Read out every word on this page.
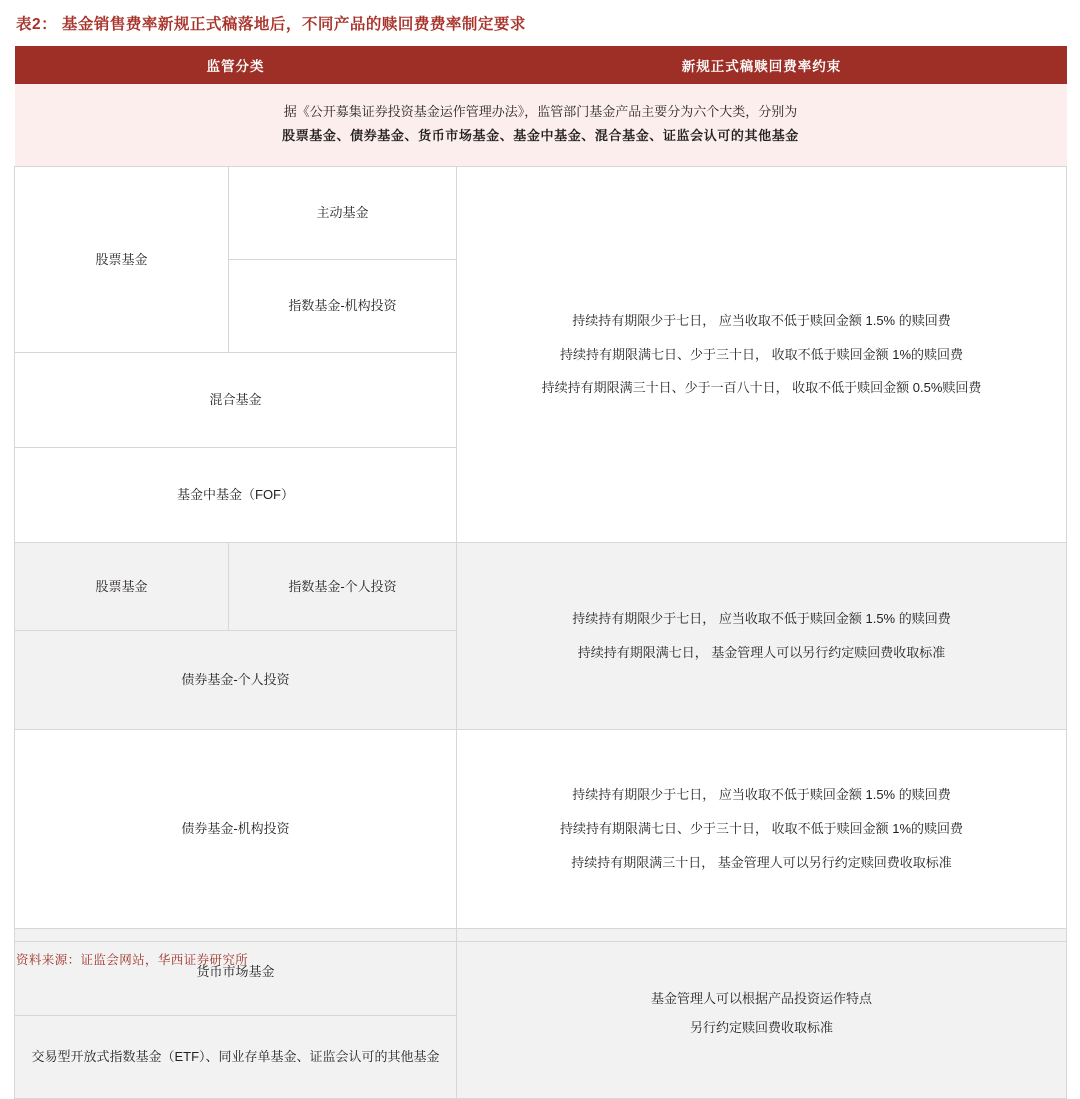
表2： 基金销售费率新规正式稿落地后，不同产品的赎回费费率制定要求
监管分类		新规正式稿赎回费率约束

据《公开募集证券投资基金运作管理办法》，监管部门基金产品主要分为六个大类，分别为
股票基金、债券基金、货币市场基金、基金中基金、混合基金、证监会认可的其他基金		

股票基金	主动基金	持续持有期限少于七日， 应当收取不低于赎回金额 1.5% 的赎回费
持续持有期限满七日、少于三十日， 收取不低于赎回金额 1%的赎回费
持续持有期限满三十日、少于一百八十日， 收取不低于赎回金额 0.5%赎回费

	指数基金-机构投资	
混合基金		
基金中基金（FOF）		
股票基金	指数基金-个人投资	持续持有期限少于七日， 应当收取不低于赎回金额 1.5% 的赎回费
持续持有期限满七日， 基金管理人可以另行约定赎回费收取标准

债券基金-个人投资		
债券基金-机构投资		持续持有期限少于七日， 应当收取不低于赎回金额 1.5% 的赎回费
持续持有期限满七日、少于三十日， 收取不低于赎回金额 1%的赎回费
持续持有期限满三十日， 基金管理人可以另行约定赎回费收取标准

货币市场基金		基金管理人可以根据产品投资运作特点
另行约定赎回费收取标准

交易型开放式指数基金（ETF）、同业存单基金、证监会认可的其他基金		
资料来源：证监会网站，华西证券研究所
